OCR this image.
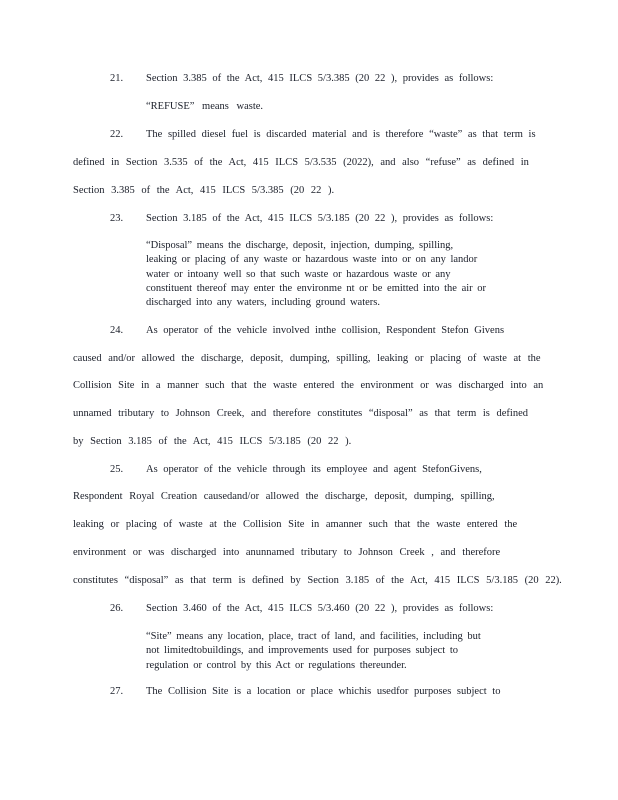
21. Section 3.385 of the Act, 415 ILCS 5/3.385 (20 22 ), provides as follows:
“REFUSE” means waste.
22. The spilled diesel fuel is discarded material and is therefore “waste” as that term is
defined in Section 3.535 of the Act, 415 ILCS 5/3.535 (2022), and also “refuse” as defined in
Section 3.385 of the Act, 415 ILCS 5/3.385 (20 22 ).
23. Section 3.185 of the Act, 415 ILCS 5/3.185 (20 22 ), provides as follows:
“Disposal” means the discharge, deposit, injection, dumping, spilling,
leaking or placing of any waste or hazardous waste into or on any landor
water or intoany well so that such waste or hazardous waste or any
constituent thereof may enter the environme nt or be emitted into the air or
discharged into any waters, including ground waters.
24. As operator of the vehicle involved inthe collision, Respondent Stefon Givens
caused and/or allowed the discharge, deposit, dumping, spilling, leaking or placing of waste at the
Collision Site in a manner such that the waste entered the environment or was discharged into an
unnamed tributary to Johnson Creek, and therefore constitutes “disposal” as that term is defined
by Section 3.185 of the Act, 415 ILCS 5/3.185 (20 22 ).
25. As operator of the vehicle through its employee and agent StefonGivens,
Respondent Royal Creation causedand/or allowed the discharge, deposit, dumping, spilling,
leaking or placing of waste at the Collision Site in amanner such that the waste entered the
environment or was discharged into anunnamed tributary to Johnson Creek , and therefore
constitutes “disposal” as that term is defined by Section 3.185 of the Act, 415 ILCS 5/3.185 (20 22).
26. Section 3.460 of the Act, 415 ILCS 5/3.460 (20 22 ), provides as follows:
“Site” means any location, place, tract of land, and facilities, including but
not limitedtobuildings, and improvements used for purposes subject to
regulation or control by this Act or regulations thereunder.
27. The Collision Site is a location or place whichis usedfor purposes subject to
